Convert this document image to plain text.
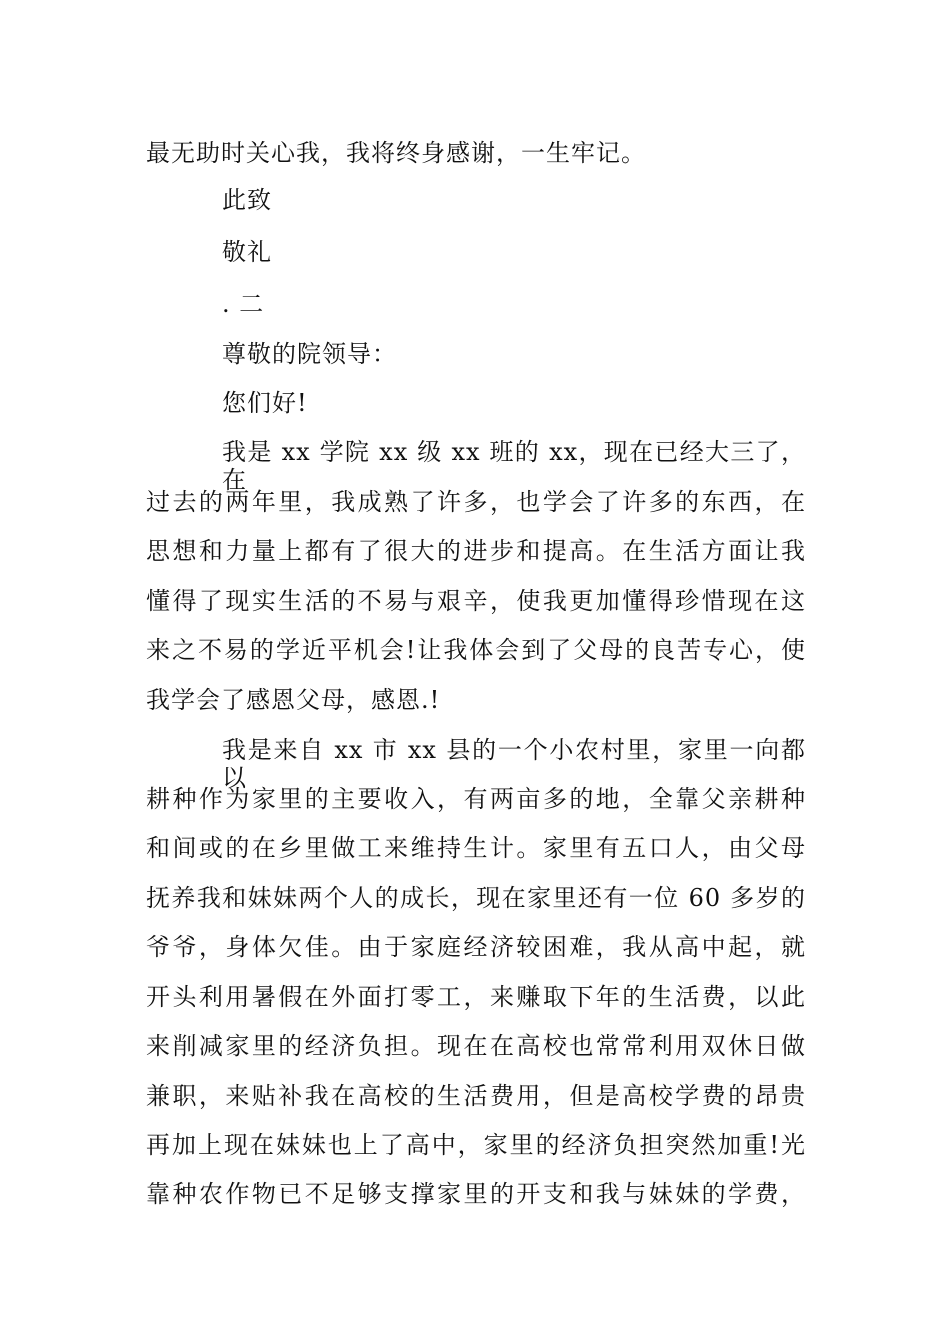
最无助时关心我，我将终身感谢，一生牢记。
此致
敬礼
. 二
尊敬的院领导：
您们好!
我是 xx 学院 xx 级 xx 班的 xx，现在已经大三了，在
过去的两年里，我成熟了许多，也学会了许多的东西，在
思想和力量上都有了很大的进步和提高。在生活方面让我
懂得了现实生活的不易与艰辛，使我更加懂得珍惜现在这
来之不易的学近平机会!让我体会到了父母的良苦专心，使
我学会了感恩父母，感恩.!
我是来自 xx 市 xx 县的一个小农村里，家里一向都以
耕种作为家里的主要收入，有两亩多的地，全靠父亲耕种
和间或的在乡里做工来维持生计。家里有五口人，由父母
抚养我和妹妹两个人的成长，现在家里还有一位 60 多岁的
爷爷，身体欠佳。由于家庭经济较困难，我从高中起，就
开头利用暑假在外面打零工，来赚取下年的生活费，以此
来削减家里的经济负担。现在在高校也常常利用双休日做
兼职，来贴补我在高校的生活费用，但是高校学费的昂贵
再加上现在妹妹也上了高中，家里的经济负担突然加重!光
靠种农作物已不足够支撑家里的开支和我与妹妹的学费，
